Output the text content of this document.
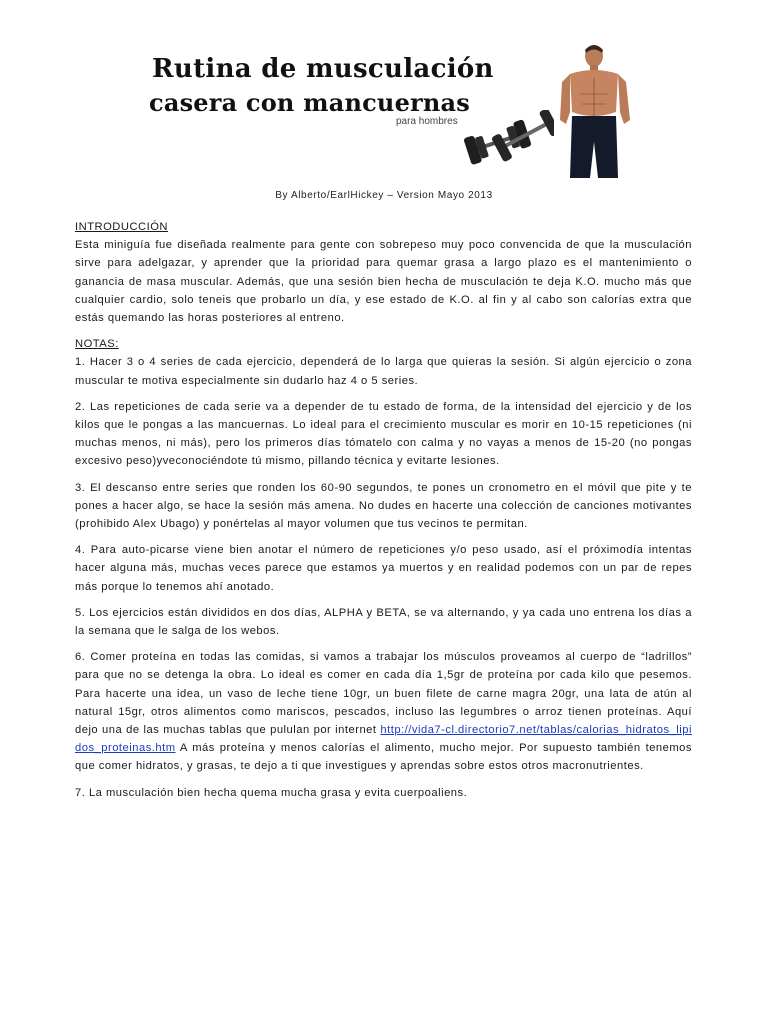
Rutina de musculación
casera con mancuernas
para hombres
By Alberto/EarlHickey – Version Mayo 2013

INTRODUCCIÓN
Esta miniguía fue diseñada realmente para gente con sobrepeso muy poco convencida de que la musculación sirve para adelgazar, y aprender que la prioridad para quemar grasa a largo plazo es el mantenimiento o ganancia de masa muscular. Además, que una sesión bien hecha de musculación te deja K.O. mucho más que cualquier cardio, solo teneis que probarlo un día, y ese estado de K.O. al fin y al cabo son calorías extra que estás quemando las horas posteriores al entreno.

NOTAS:
1. Hacer 3 o 4 series de cada ejercicio, dependerá de lo larga que quieras la sesión. Si algún ejercicio o zona muscular te motiva especialmente sin dudarlo haz 4 o 5 series.

2. Las repeticiones de cada serie va a depender de tu estado de forma, de la intensidad del ejercicio y de los kilos que le pongas a las mancuernas. Lo ideal para el crecimiento muscular es morir en 10-15 repeticiones (ni muchas menos, ni más), pero los primeros días tómatelo con calma y no vayas a menos de 15-20 (no pongas excesivo peso)yveconociéndote tú mismo, pillando técnica y evitarte lesiones.

3. El descanso entre series que ronden los 60-90 segundos, te pones un cronometro en el móvil que pite y te pones a hacer algo, se hace la sesión más amena. No dudes en hacerte una colección de canciones motivantes (prohibido Alex Ubago) y ponértelas al mayor volumen que tus vecinos te permitan.

4. Para auto-picarse viene bien anotar el número de repeticiones y/o peso usado, así el próximodía intentas hacer alguna más, muchas veces parece que estamos ya muertos y en realidad podemos con un par de repes más porque lo tenemos ahí anotado.

5. Los ejercicios están divididos en dos días, ALPHA y BETA, se va alternando, y ya cada uno entrena los días a la semana que le salga de los webos.

6. Comer proteína en todas las comidas, si vamos a trabajar los músculos proveamos al cuerpo de “ladrillos” para que no se detenga la obra. Lo ideal es comer en cada día 1,5gr de proteína por cada kilo que pesemos. Para hacerte una idea, un vaso de leche tiene 10gr, un buen filete de carne magra 20gr, una lata de atún al natural 15gr, otros alimentos como mariscos, pescados, incluso las legumbres o arroz tienen proteínas. Aquí dejo una de las muchas tablas que pululan por internet http://vida7-cl.directorio7.net/tablas/calorias_hidratos_lipidos_proteinas.htm A más proteína y menos calorías el alimento, mucho mejor. Por supuesto también tenemos que comer hidratos, y grasas, te dejo a ti que investigues y aprendas sobre estos otros macronutrientes.

7. La musculación bien hecha quema mucha grasa y evita cuerpoaliens.
